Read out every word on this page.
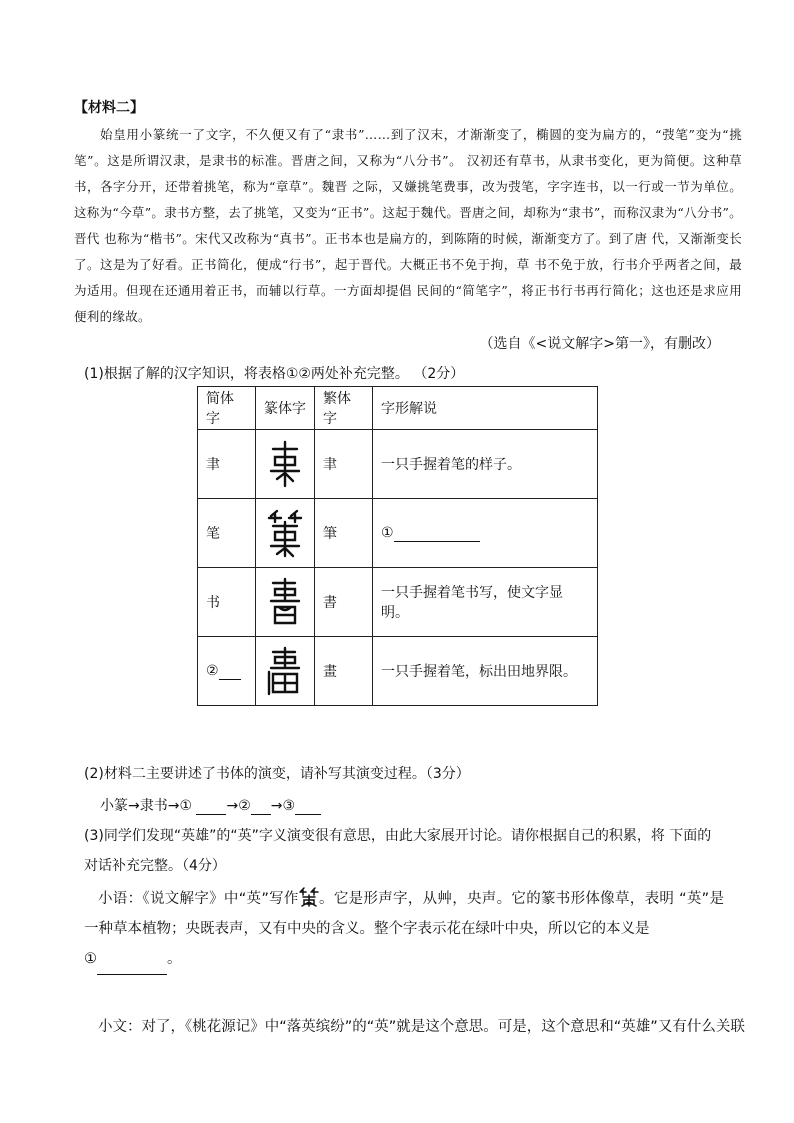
【材料二】

始皇用小篆统一了文字，不久便又有了“隶书”……到了汉末，才渐渐变了，椭圆的变为扁方的，“弢笔”变为“挑笔”。这是所谓汉隶，是隶书的标准。晋唐之间，又称为“八分书”。 汉初还有草书，从隶书变化，更为简便。这种草书，各字分开，还带着挑笔，称为“章草”。魏晋 之际，又嫌挑笔费事，改为弢笔，字字连书，以一行或一节为单位。这称为“今草”。隶书方整，去了挑笔，又变为“正书”。这起于魏代。晋唐之间，却称为“隶书”，而称汉隶为“八分书”。晋代 也称为“楷书”。宋代又改称为“真书”。正书本也是扁方的，到陈隋的时候，渐渐变方了。到了唐 代，又渐渐变长了。这是为了好看。正书简化，便成“行书”，起于晋代。大概正书不免于拘，草 书不免于放，行书介乎两者之间，最为适用。但现在还通用着正书，而辅以行草。一方面却提倡 民间的“简笔字”，将正书行书再行简化；这也还是求应用便利的缘故。

（选自《<说文解字>第一》，有删改）
(1)根据了解的汉字知识，将表格①②两处补充完整。 （2分）
简体字	篆体字	繁体字	字形解说
聿		聿	一只手握着笔的样子。
笔		筆	①
书		書	一只手握着笔书写，使文字显明。
②		畫	一只手握着笔，标出田地界限。
(2)材料二主要讲述了书体的演变，请补写其演变过程。（3分）
小篆→隶书→① →② →③
(3)同学们发现“英雄”的“英”字义演变很有意思，由此大家展开讨论。请你根据自己的积累，将 下面的
对话补充完整。（4分）

小语：《说文解字》中“英”写作 。它是形声字，从艸，央声。它的篆书形体像草，表明 “英”是一种草本植物；央既表声，又有中央的含义。整个字表示花在绿叶中央，所以它的本义是

①	。

小文：对了，《桃花源记》中“落英缤纷”的“英”就是这个意思。可是，这个意思和“英雄”又有什么关联
